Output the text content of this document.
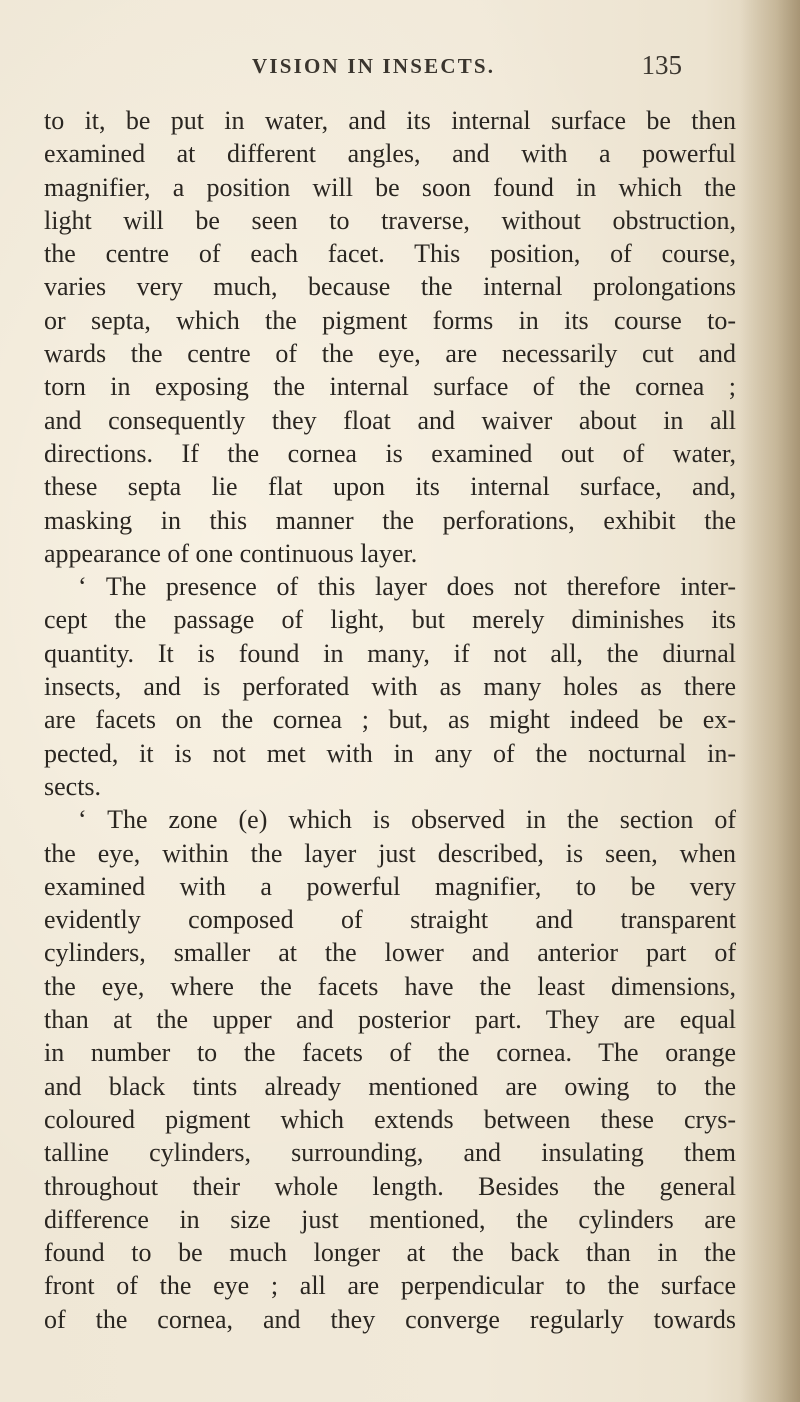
VISION IN INSECTS.	135
to it, be put in water, and its internal surface be then
examined at different angles, and with a powerful
magnifier, a position will be soon found in which the
light will be seen to traverse, without obstruction,
the centre of each facet. This position, of course,
varies very much, because the internal prolongations
or septa, which the pigment forms in its course to-
wards the centre of the eye, are necessarily cut and
torn in exposing the internal surface of the cornea ;
and consequently they float and waiver about in all
directions. If the cornea is examined out of water,
these septa lie flat upon its internal surface, and,
masking in this manner the perforations, exhibit the
appearance of one continuous layer.
‘ The presence of this layer does not therefore inter-
cept the passage of light, but merely diminishes its
quantity. It is found in many, if not all, the diurnal
insects, and is perforated with as many holes as there
are facets on the cornea ; but, as might indeed be ex-
pected, it is not met with in any of the nocturnal in-
sects.
‘ The zone (e) which is observed in the section of
the eye, within the layer just described, is seen, when
examined with a powerful magnifier, to be very
evidently composed of straight and transparent
cylinders, smaller at the lower and anterior part of
the eye, where the facets have the least dimensions,
than at the upper and posterior part. They are equal
in number to the facets of the cornea. The orange
and black tints already mentioned are owing to the
coloured pigment which extends between these crys-
talline cylinders, surrounding, and insulating them
throughout their whole length. Besides the general
difference in size just mentioned, the cylinders are
found to be much longer at the back than in the
front of the eye ; all are perpendicular to the surface
of the cornea, and they converge regularly towards
